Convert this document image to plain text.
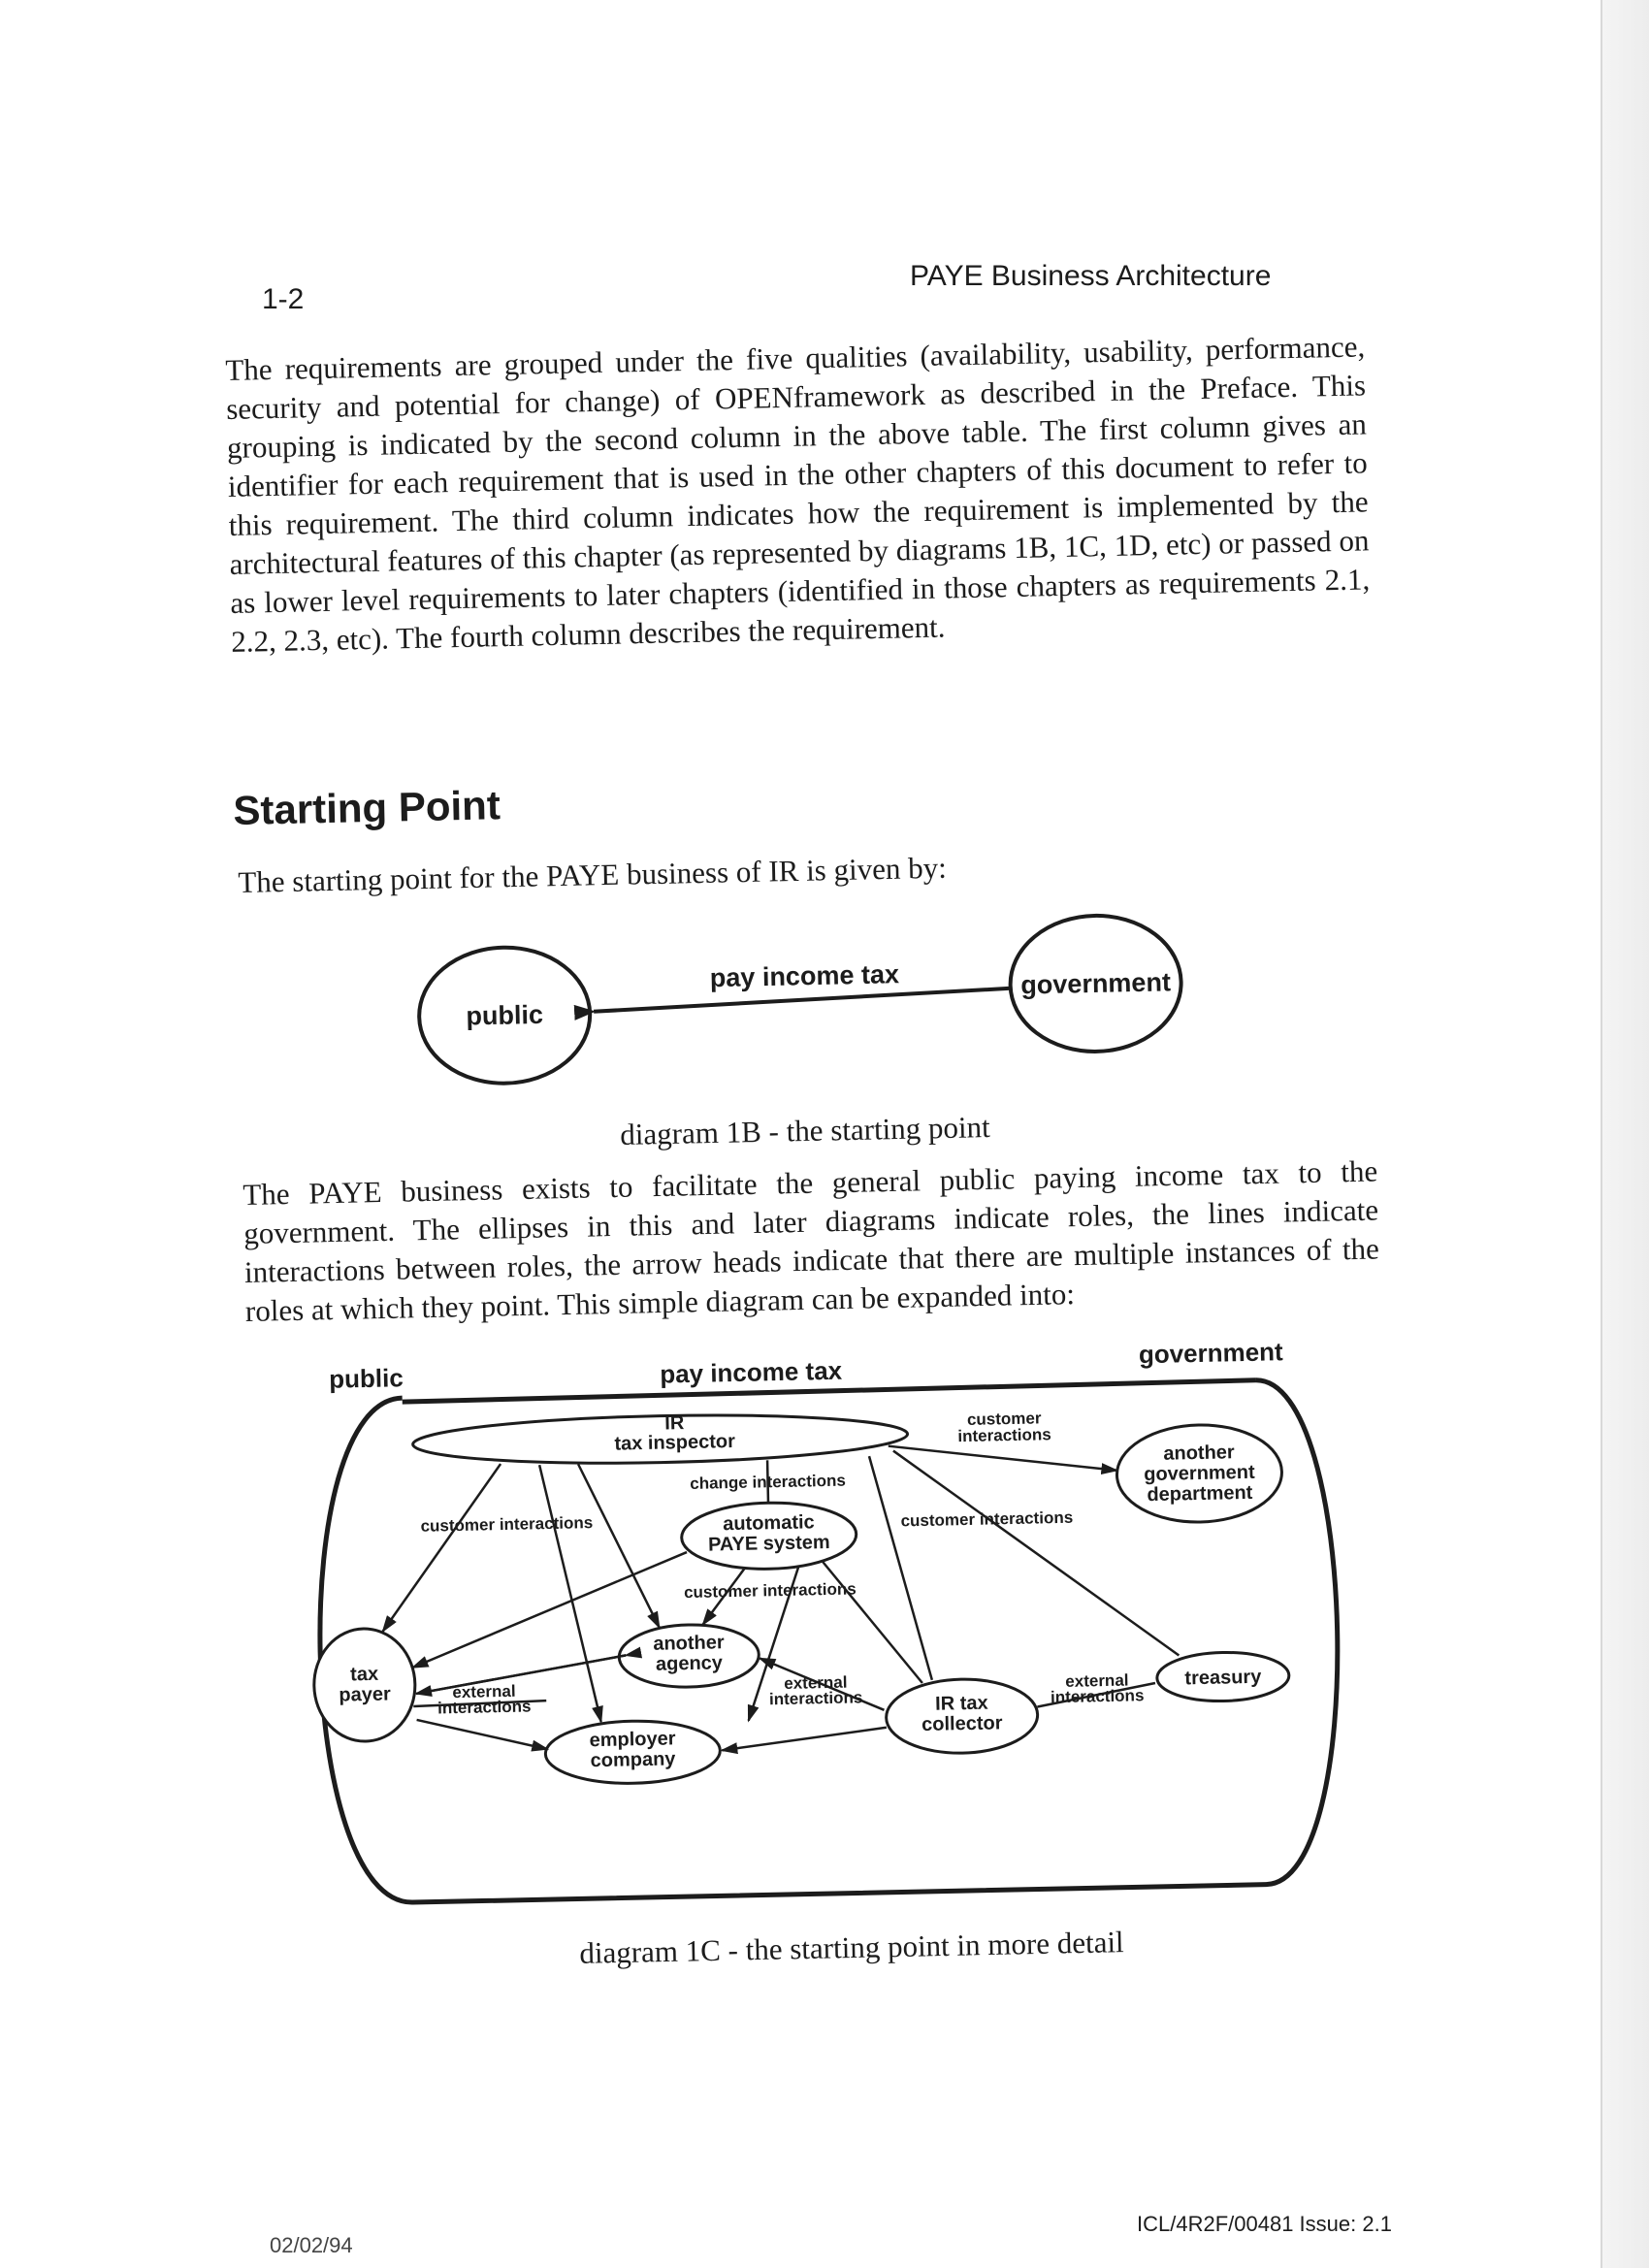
1-2
PAYE Business Architecture

The requirements are grouped under the five qualities (availability, usability, performance, security and potential for change) of OPENframework as described in the Preface. This grouping is indicated by the second column in the above table. The first column gives an identifier for each requirement that is used in the other chapters of this document to refer to this requirement. The third column indicates how the requirement is implemented by the architectural features of this chapter (as represented by diagrams 1B, 1C, 1D, etc) or passed on as lower level requirements to later chapters (identified in those chapters as requirements 2.1, 2.2, 2.3, etc). The fourth column describes the requirement.

Starting Point

The starting point for the PAYE business of IR is given by:

public
government
pay income tax

diagram 1B - the starting point

The PAYE business exists to facilitate the general public paying income tax to the government. The ellipses in this and later diagrams indicate roles, the lines indicate interactions between roles, the arrow heads indicate that there are multiple instances of the roles at which they point. This simple diagram can be expanded into:

public
government
pay income tax
IR
tax inspector
automatic
PAYE system
another
agency
tax
payer
employer
company
IR tax
collector
another
government
department
treasury
customer
interactions
change interactions
customer interactions	customer interactions
customer interactions
external
interactions
external
interactions
external
interactions

diagram 1C - the starting point in more detail

ICL/4R2F/00481 Issue: 2.1
02/02/94
